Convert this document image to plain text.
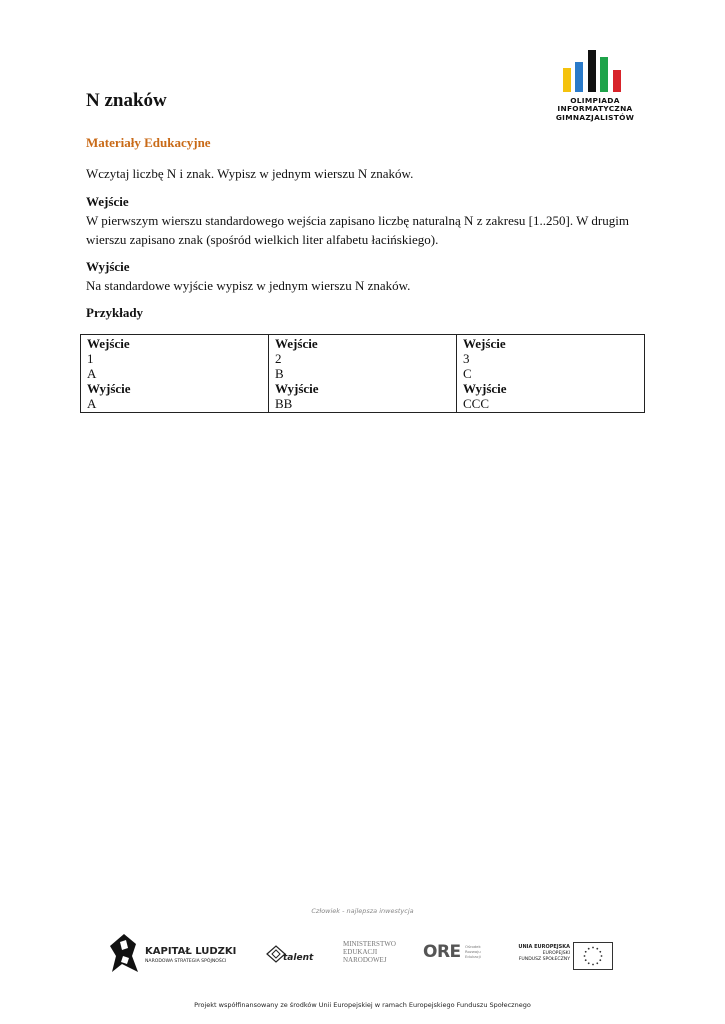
OLIMPIADA
INFORMATYCZNA
GIMNAZJALISTÓW
N znaków
Materiały Edukacyjne
Wczytaj liczbę N i znak. Wypisz w jednym wierszu N znaków.
Wejście
W pierwszym wierszu standardowego wejścia zapisano liczbę naturalną N z zakresu [1..250]. W drugim wierszu zapisano znak (spośród wielkich liter alfabetu łacińskiego).
Wyjście
Na standardowe wyjście wypisz w jednym wierszu N znaków.
Przykłady
Wejście
1
A
Wyjście
A

Wejście
2
B
Wyjście
BB

Wejście
3
C
Wyjście
CCC
Człowiek - najlepsza inwestycja
KAPITAŁ LUDZKI
NARODOWA STRATEGIA SPÓJNOŚCI	talent
MINISTERSTWO
EDUKACJI
NARODOWEJ	ORE Ośrodek
Rozwoju
Edukacji
UNIA EUROPEJSKA
EUROPEJSKI
FUNDUSZ SPOŁECZNY
Projekt współfinansowany ze środków Unii Europejskiej w ramach Europejskiego Funduszu Społecznego
